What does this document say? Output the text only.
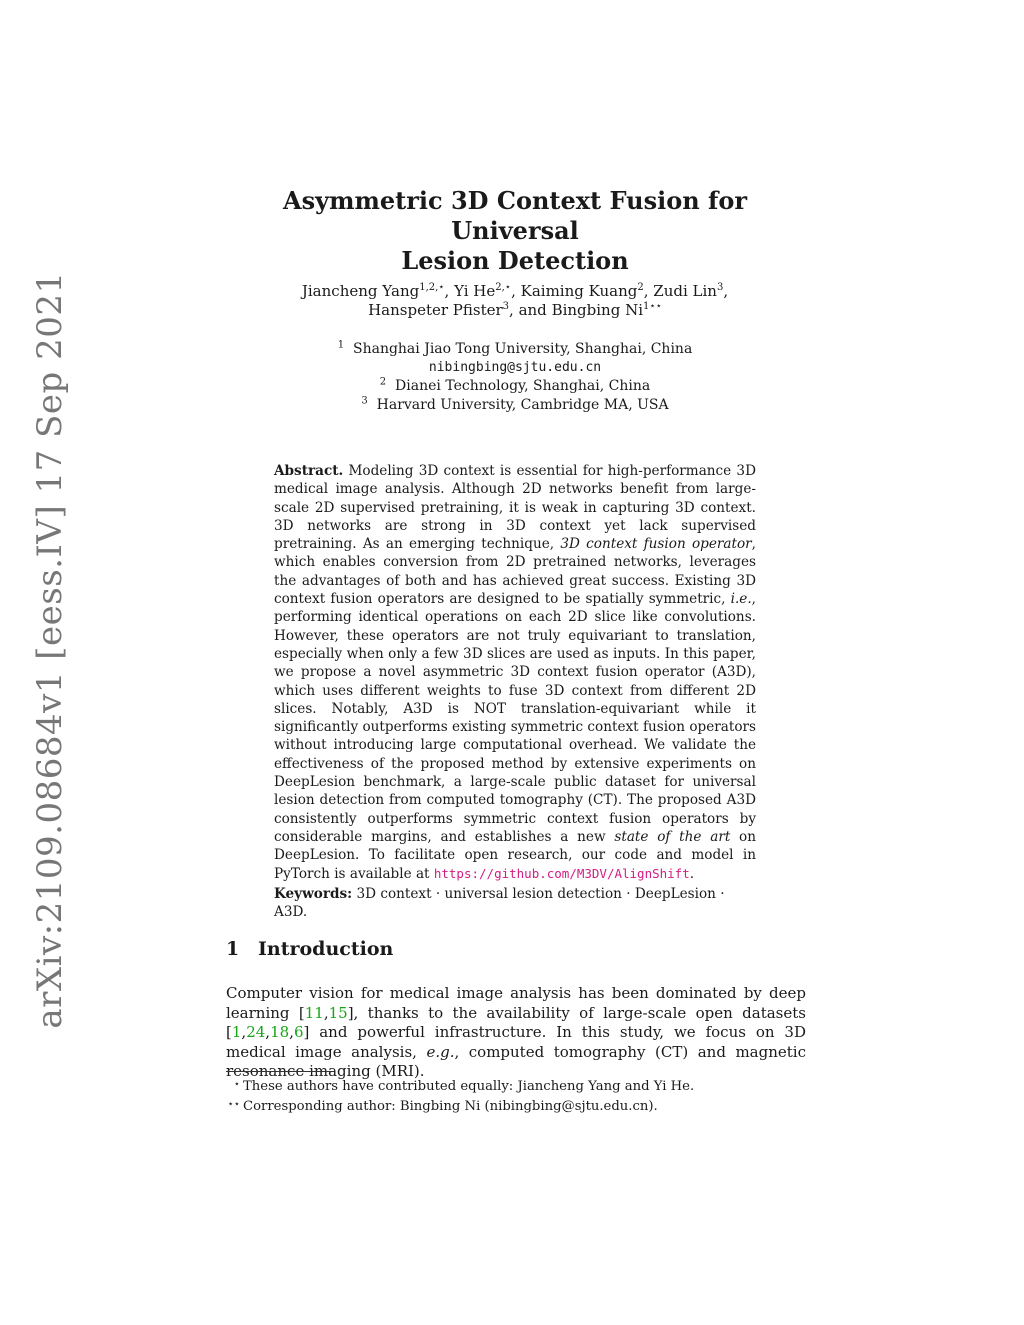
arXiv:2109.08684v1 [eess.IV] 17 Sep 2021
Asymmetric 3D Context Fusion for Universal
Lesion Detection
Jiancheng Yang$^{1,2,⋆}$, Yi $He^{2,⋆}$, Kaiming Kuang$^2$, Zudi Lin$^3$,
Hanspeter Pfister$^3$, and Bingbing $Ni^{1⋆⋆}$
$^1$ Shanghai Jiao Tong University, Shanghai, China
nibingbing@sjtu.edu.cn
$^2$ Dianei Technology, Shanghai, China
$^3$ Harvard University, Cambridge MA, USA

Abstract. Modeling 3D context is essential for high-performance 3D medical image analysis. Although 2D networks benefit from large-scale 2D supervised pretraining, it is weak in capturing 3D context. 3D networks are strong in 3D context yet lack supervised pretraining. As an emerging technique, 3D context fusion operator, which enables conversion from 2D pretrained networks, leverages the advantages of both and has achieved great success. Existing 3D context fusion operators are designed to be spatially symmetric, i.e., performing identical operations on each 2D slice like convolutions. However, these operators are not truly equivariant to translation, especially when only a few 3D slices are used as inputs. In this paper, we propose a novel asymmetric 3D context fusion operator (A3D), which uses different weights to fuse 3D context from different 2D slices. Notably, A3D is NOT translation-equivariant while it significantly outperforms existing symmetric context fusion operators without introducing large computational overhead. We validate the effectiveness of the proposed method by extensive experiments on DeepLesion benchmark, a large-scale public dataset for universal lesion detection from computed tomography (CT). The proposed A3D consistently outperforms symmetric context fusion operators by considerable margins, and establishes a new state of the art on DeepLesion. To facilitate open research, our code and model in PyTorch is available at https://github.com/M3DV/AlignShift.

Keywords: 3D context · universal lesion detection · DeepLesion · A3D.
1 Introduction

Computer vision for medical image analysis has been dominated by deep learning [11,15], thanks to the availability of large-scale open datasets [1,24,18,6] and powerful infrastructure. In this study, we focus on 3D medical image analysis, e.g., computed tomography (CT) and magnetic resonance imaging (MRI).

⋆ These authors have contributed equally: Jiancheng Yang and Yi He.
⋆⋆ Corresponding author: Bingbing Ni (nibingbing@sjtu.edu.cn).
